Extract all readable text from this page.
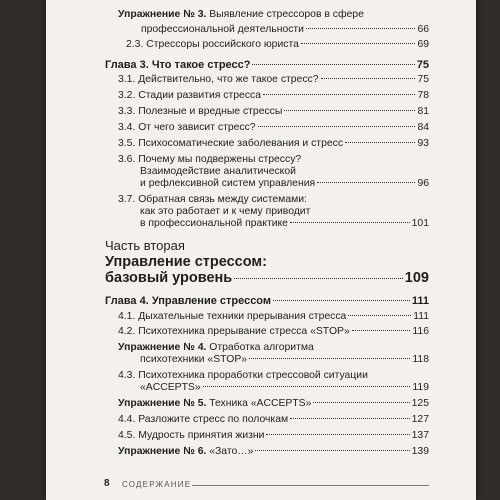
Упражнение № 3. Выявление стрессоров в сфере
профессиональной деятельности	66
2.3. Стрессоры российского юриста	69
Глава 3. Что такое стресс?	75
3.1. Действительно, что же такое стресс?	75
3.2. Стадии развития стресса	78
3.3. Полезные и вредные стрессы	81
3.4. От чего зависит стресс?	84
3.5. Психосоматические заболевания и стресс	93
3.6. Почему мы подвержены стрессу?
Взаимодействие аналитической
и рефлексивной систем управления	96
3.7. Обратная связь между системами:
как это работает и к чему приводит
в профессиональной практике	101
Часть вторая
Управление стрессом:
базовый уровень	109
Глава 4. Управление стрессом	111
4.1. Дыхательные техники прерывания стресса	111
4.2. Психотехника прерывание стресса «STOP»	116
Упражнение № 4. Отработка алгоритма
психотехники «STOP»	118
4.3. Психотехника проработки стрессовой ситуации
«ACCEPTS»	119
Упражнение № 5. Техника «ACCEPTS»	125
4.4. Разложите стресс по полочкам	127
4.5. Мудрость принятия жизни	137
Упражнение № 6. «Зато…»	139
8 СОДЕРЖАНИЕ
